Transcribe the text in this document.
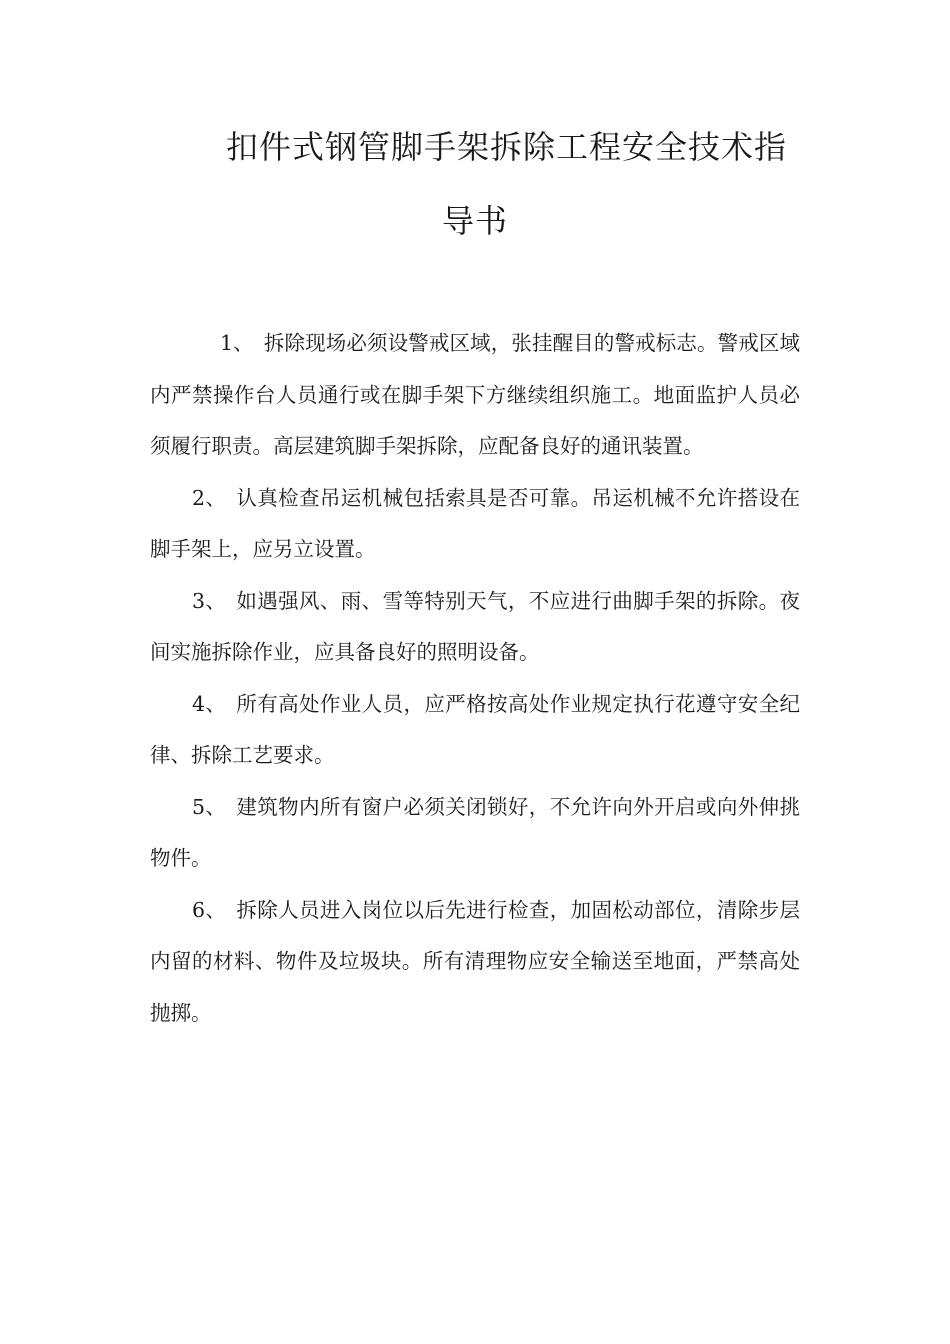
扣件式钢管脚手架拆除工程安全技术指
导书

1、 拆除现场必须设警戒区域，张挂醒目的警戒标志。警戒区域内严禁操作台人员通行或在脚手架下方继续组织施工。地面监护人员必须履行职责。高层建筑脚手架拆除，应配备良好的通讯装置。

2、 认真检查吊运机械包括索具是否可靠。吊运机械不允许搭设在脚手架上，应另立设置。

3、 如遇强风、雨、雪等特别天气，不应进行曲脚手架的拆除。夜间实施拆除作业，应具备良好的照明设备。

4、 所有高处作业人员，应严格按高处作业规定执行花遵守安全纪律、拆除工艺要求。

5、 建筑物内所有窗户必须关闭锁好，不允许向外开启或向外伸挑物件。

6、 拆除人员进入岗位以后先进行检查，加固松动部位，清除步层内留的材料、物件及垃圾块。所有清理物应安全输送至地面，严禁高处抛掷。
